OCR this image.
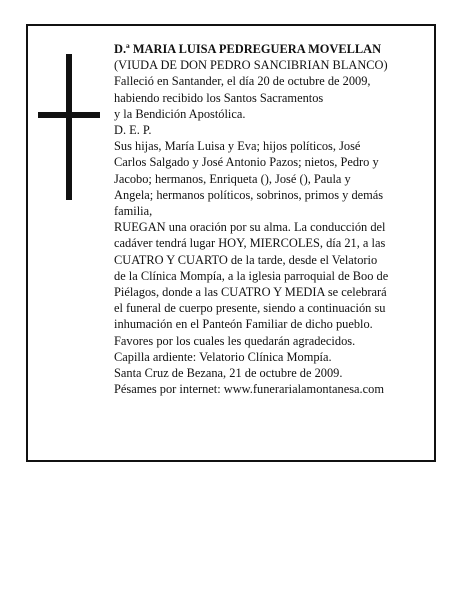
D.ª MARIA LUISA PEDREGUERA MOVELLAN
(VIUDA DE DON PEDRO SANCIBRIAN BLANCO)
Falleció en Santander, el día 20 de octubre de 2009,
habiendo recibido los Santos Sacramentos
y la Bendición Apostólica.
D. E. P.
Sus hijas, María Luisa y Eva; hijos políticos, José
Carlos Salgado y José Antonio Pazos; nietos, Pedro y
Jacobo; hermanos, Enriqueta (), José (), Paula y
Angela; hermanos políticos, sobrinos, primos y demás
familia,
RUEGAN una oración por su alma. La conducción del
cadáver tendrá lugar HOY, MIERCOLES, día 21, a las
CUATRO Y CUARTO de la tarde, desde el Velatorio
de la Clínica Mompía, a la iglesia parroquial de Boo de
Piélagos, donde a las CUATRO Y MEDIA se celebrará
el funeral de cuerpo presente, siendo a continuación su
inhumación en el Panteón Familiar de dicho pueblo.
Favores por los cuales les quedarán agradecidos.
Capilla ardiente: Velatorio Clínica Mompía.
Santa Cruz de Bezana, 21 de octubre de 2009.
Pésames por internet: www.funerarialamontanesa.com
